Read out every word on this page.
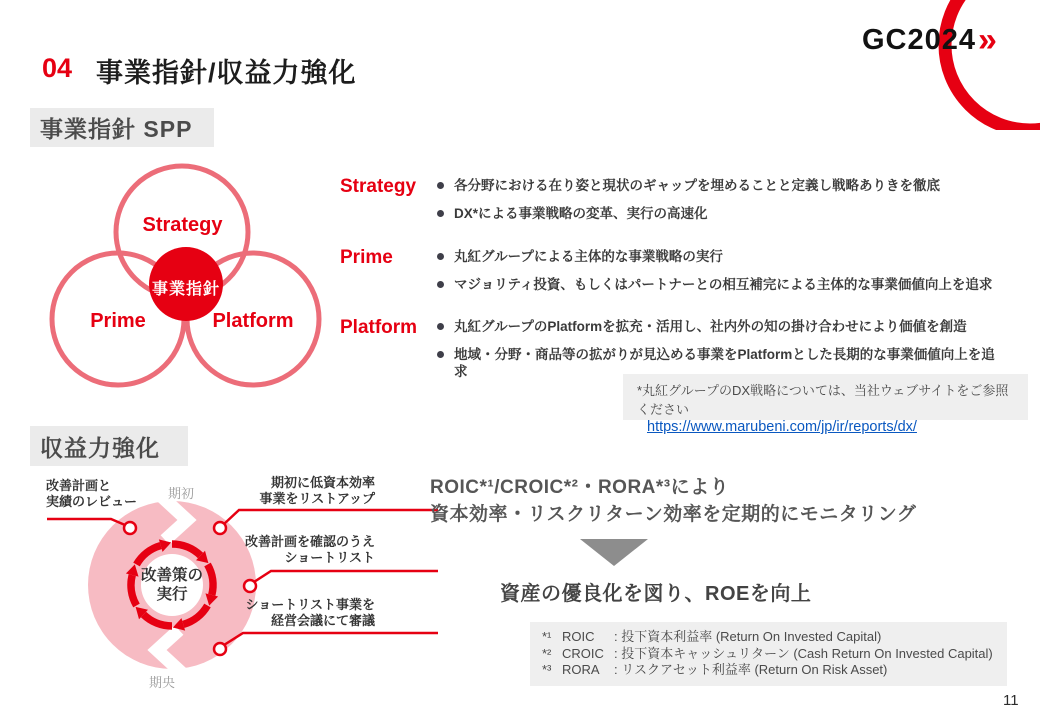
GC2024 »
04 事業指針/収益力強化
事業指針 SPP
Strategy
Prime	Platform
事業指針
Strategy	各分野における在り姿と現状のギャップを埋めることと定義し戦略ありきを徹底
DX*による事業戦略の変革、実行の高速化
Prime	丸紅グループによる主体的な事業戦略の実行
マジョリティ投資、もしくはパートナーとの相互補完による主体的な事業価値向上を追求
Platform	丸紅グループのPlatformを拡充・活用し、社内外の知の掛け合わせにより価値を創造
地域・分野・商品等の拡がりが見込める事業をPlatformとした長期的な事業価値向上を追求
*丸紅グループのDX戦略については、当社ウェブサイトをご参照ください
https://www.marubeni.com/jp/ir/reports/dx/
収益力強化
改善策の
実行
期初
期央
改善計画と
実績のレビュー
期初に低資本効率
事業をリストアップ
改善計画を確認のうえ
ショートリスト
ショートリスト事業を
経営会議にて審議
ROIC*¹/CROIC*²・RORA*³により
資本効率・リスクリターン効率を定期的にモニタリング
資産の優良化を図り、ROEを向上
*¹ ROIC : 投下資本利益率 (Return On Invested Capital)
*² CROIC : 投下資本キャッシュリターン (Cash Return On Invested Capital)
*³ RORA : リスクアセット利益率 (Return On Risk Asset)
11
